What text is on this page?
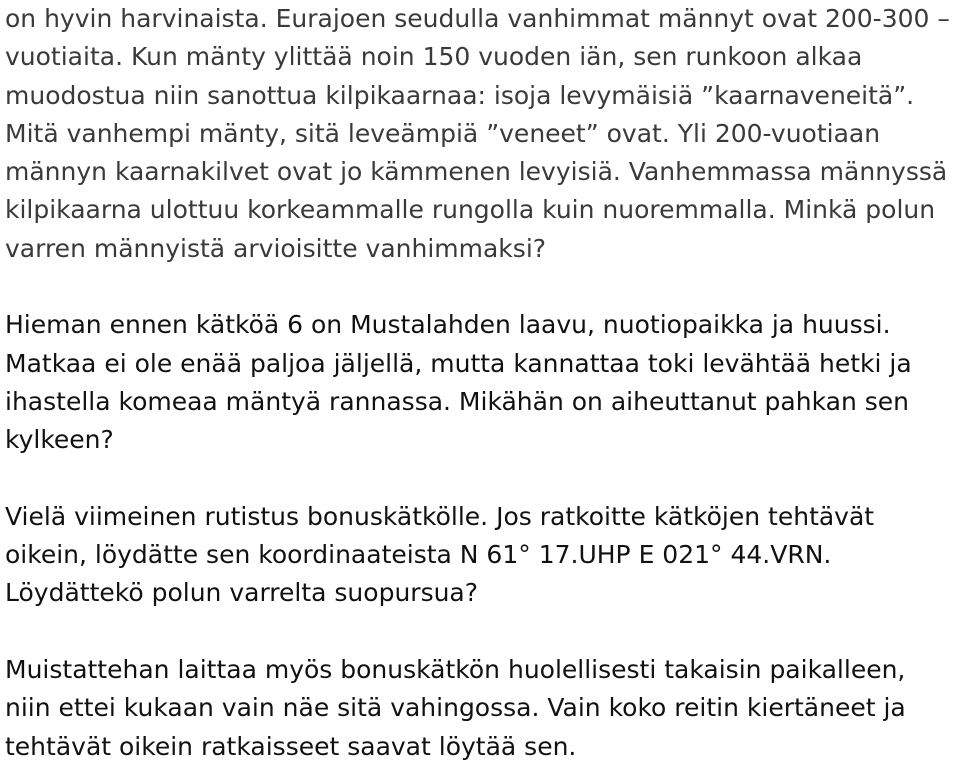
on hyvin harvinaista. Eurajoen seudulla vanhimmat männyt ovat 200-300 –
vuotiaita. Kun mänty ylittää noin 150 vuoden iän, sen runkoon alkaa
muodostua niin sanottua kilpikaarnaa: isoja levymäisiä ”kaarnaveneitä”.
Mitä vanhempi mänty, sitä leveämpiä ”veneet” ovat. Yli 200-vuotiaan
männyn kaarnakilvet ovat jo kämmenen levyisiä. Vanhemmassa männyssä
kilpikaarna ulottuu korkeammalle rungolla kuin nuoremmalla. Minkä polun
varren männyistä arvioisitte vanhimmaksi?
Hieman ennen kätköä 6 on Mustalahden laavu, nuotiopaikka ja huussi.
Matkaa ei ole enää paljoa jäljellä, mutta kannattaa toki levähtää hetki ja
ihastella komeaa mäntyä rannassa. Mikähän on aiheuttanut pahkan sen
kylkeen?
Vielä viimeinen rutistus bonuskätkölle. Jos ratkoitte kätköjen tehtävät
oikein, löydätte sen koordinaateista N 61° 17.UHP E 021° 44.VRN.
Löydättekö polun varrelta suopursua?
Muistattehan laittaa myös bonuskätkön huolellisesti takaisin paikalleen,
niin ettei kukaan vain näe sitä vahingossa. Vain koko reitin kiertäneet ja
tehtävät oikein ratkaisseet saavat löytää sen.
